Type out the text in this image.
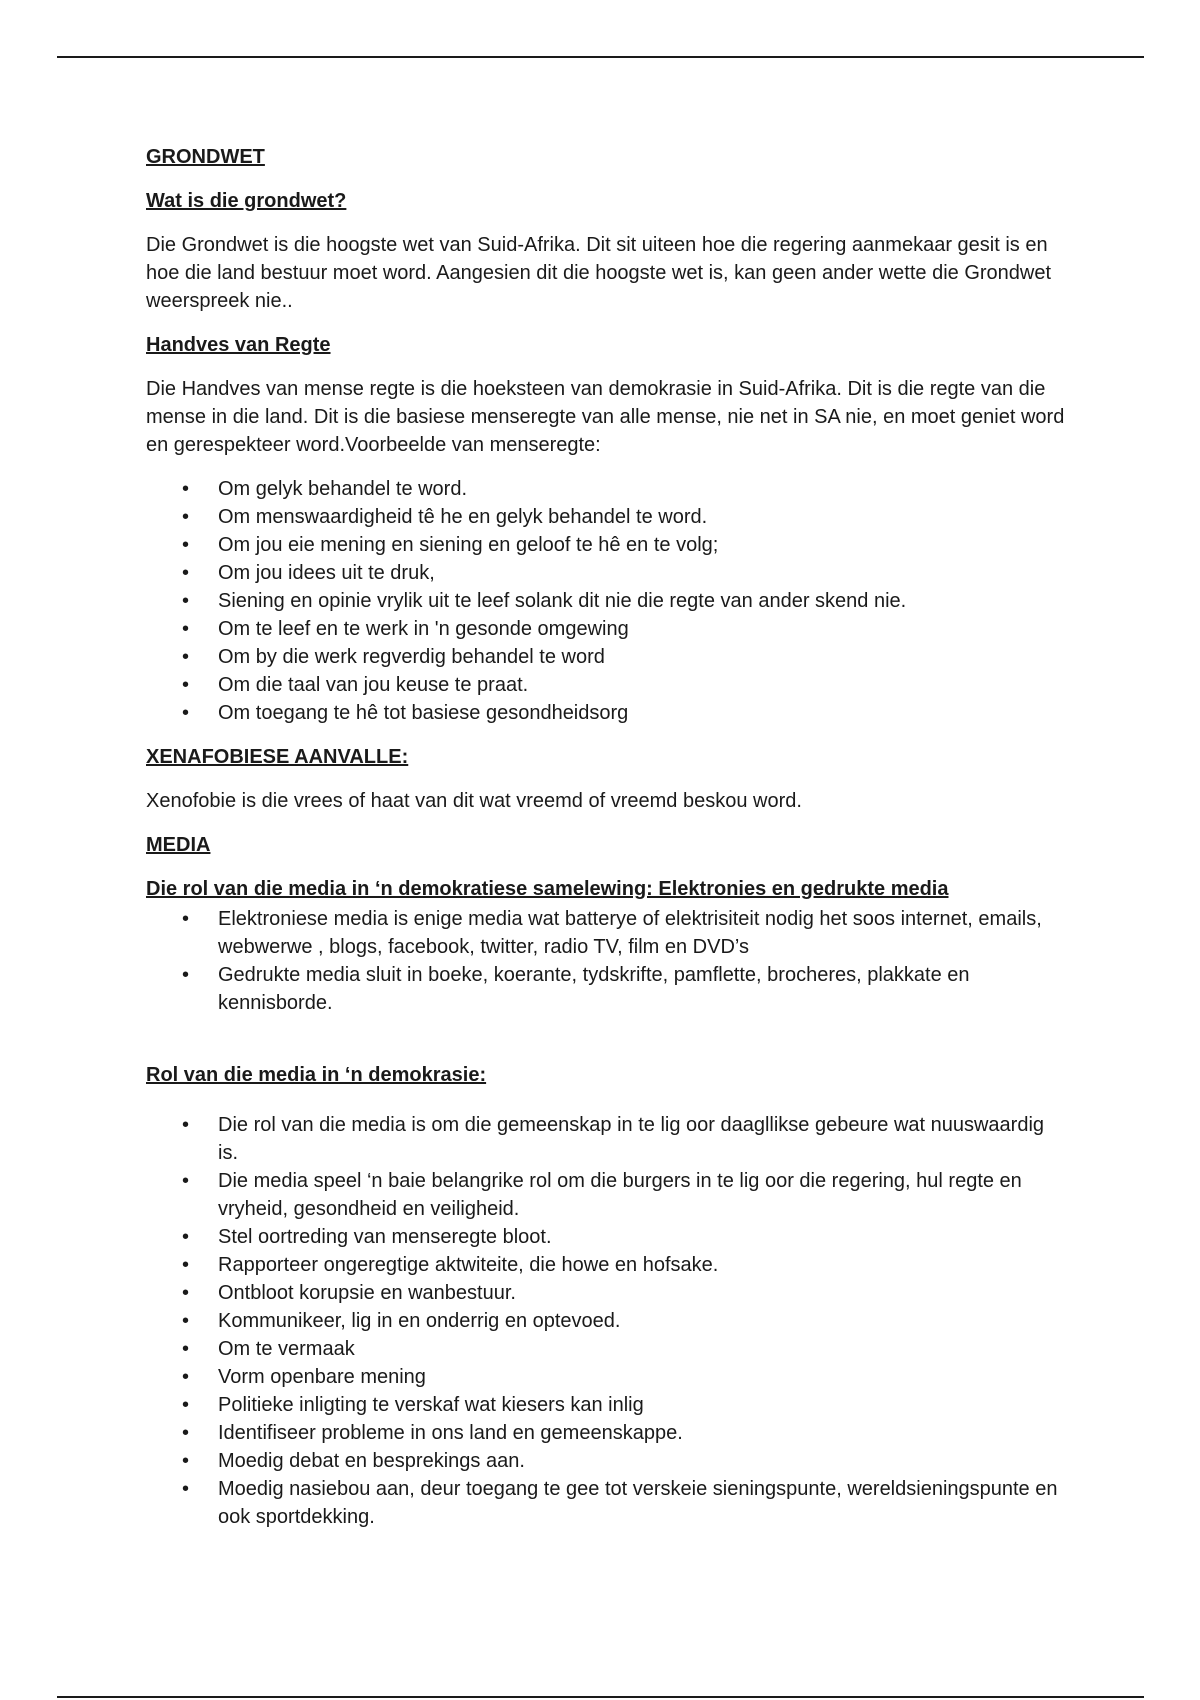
GRONDWET
Wat is die grondwet?

Die Grondwet is die hoogste wet van Suid-Afrika. Dit sit uiteen hoe die regering aanmekaar gesit is en hoe die land bestuur moet word. Aangesien dit die hoogste wet is, kan geen ander wette die Grondwet weerspreek nie..

Handves van Regte

Die Handves van mense regte is die hoeksteen van demokrasie in Suid-Afrika. Dit is die regte van die mense in die land. Dit is die basiese menseregte van alle mense, nie net in SA nie, en moet geniet word en gerespekteer word.Voorbeelde van menseregte:

• Om gelyk behandel te word.
• Om menswaardigheid tê he en gelyk behandel te word.
• Om jou eie mening en siening en geloof te hê en te volg;
• Om jou idees uit te druk,
• Siening en opinie vrylik uit te leef solank dit nie die regte van ander skend nie.
• Om te leef en te werk in 'n gesonde omgewing
• Om by die werk regverdig behandel te word
• Om die taal van jou keuse te praat.
• Om toegang te hê tot basiese gesondheidsorg
XENAFOBIESE AANVALLE:

Xenofobie is die vrees of haat van dit wat vreemd of vreemd beskou word.

MEDIA
Die rol van die media in ‘n demokratiese samelewing: Elektronies en gedrukte media
• Elektroniese media is enige media wat batterye of elektrisiteit nodig het soos internet, emails, webwerwe , blogs, facebook, twitter, radio TV, film en DVD’s
• Gedrukte media sluit in boeke, koerante, tydskrifte, pamflette, brocheres, plakkate en kennisborde.
Rol van die media in ‘n demokrasie:
• Die rol van die media is om die gemeenskap in te lig oor daagllikse gebeure wat nuuswaardig is.
• Die media speel ‘n baie belangrike rol om die burgers in te lig oor die regering, hul regte en vryheid, gesondheid en veiligheid.
• Stel oortreding van menseregte bloot.
• Rapporteer ongeregtige aktwiteite, die howe en hofsake.
• Ontbloot korupsie en wanbestuur.
• Kommunikeer, lig in en onderrig en optevoed.
• Om te vermaak
• Vorm openbare mening
• Politieke inligting te verskaf wat kiesers kan inlig
• Identifiseer probleme in ons land en gemeenskappe.
• Moedig debat en besprekings aan.
• Moedig nasiebou aan, deur toegang te gee tot verskeie sieningspunte, wereldsieningspunte en ook sportdekking.
